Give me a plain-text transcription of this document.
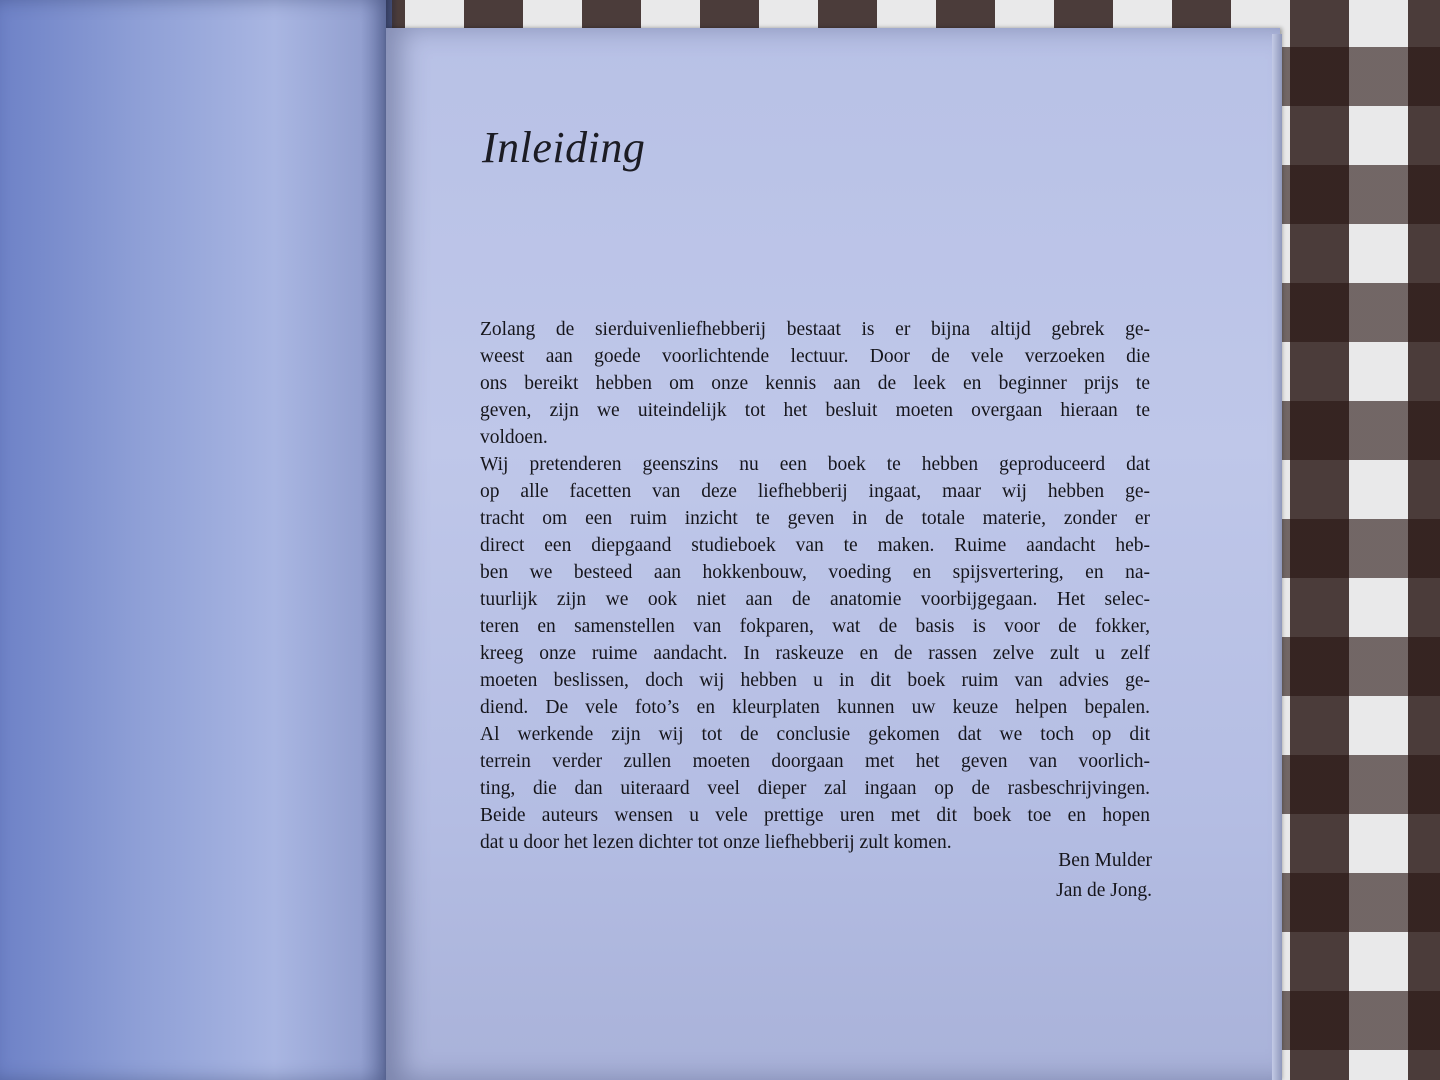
Inleiding
Zolang de sierduivenliefhebberij bestaat is er bijna altijd gebrek ge-
weest aan goede voorlichtende lectuur. Door de vele verzoeken die
ons bereikt hebben om onze kennis aan de leek en beginner prijs te
geven, zijn we uiteindelijk tot het besluit moeten overgaan hieraan te
voldoen.
Wij pretenderen geenszins nu een boek te hebben geproduceerd dat
op alle facetten van deze liefhebberij ingaat, maar wij hebben ge-
tracht om een ruim inzicht te geven in de totale materie, zonder er
direct een diepgaand studieboek van te maken. Ruime aandacht heb-
ben we besteed aan hokkenbouw, voeding en spijsvertering, en na-
tuurlijk zijn we ook niet aan de anatomie voorbijgegaan. Het selec-
teren en samenstellen van fokparen, wat de basis is voor de fokker,
kreeg onze ruime aandacht. In raskeuze en de rassen zelve zult u zelf
moeten beslissen, doch wij hebben u in dit boek ruim van advies ge-
diend. De vele foto’s en kleurplaten kunnen uw keuze helpen bepalen.
Al werkende zijn wij tot de conclusie gekomen dat we toch op dit
terrein verder zullen moeten doorgaan met het geven van voorlich-
ting, die dan uiteraard veel dieper zal ingaan op de rasbeschrijvingen.
Beide auteurs wensen u vele prettige uren met dit boek toe en hopen
dat u door het lezen dichter tot onze liefhebberij zult komen.
Ben Mulder
Jan de Jong.
